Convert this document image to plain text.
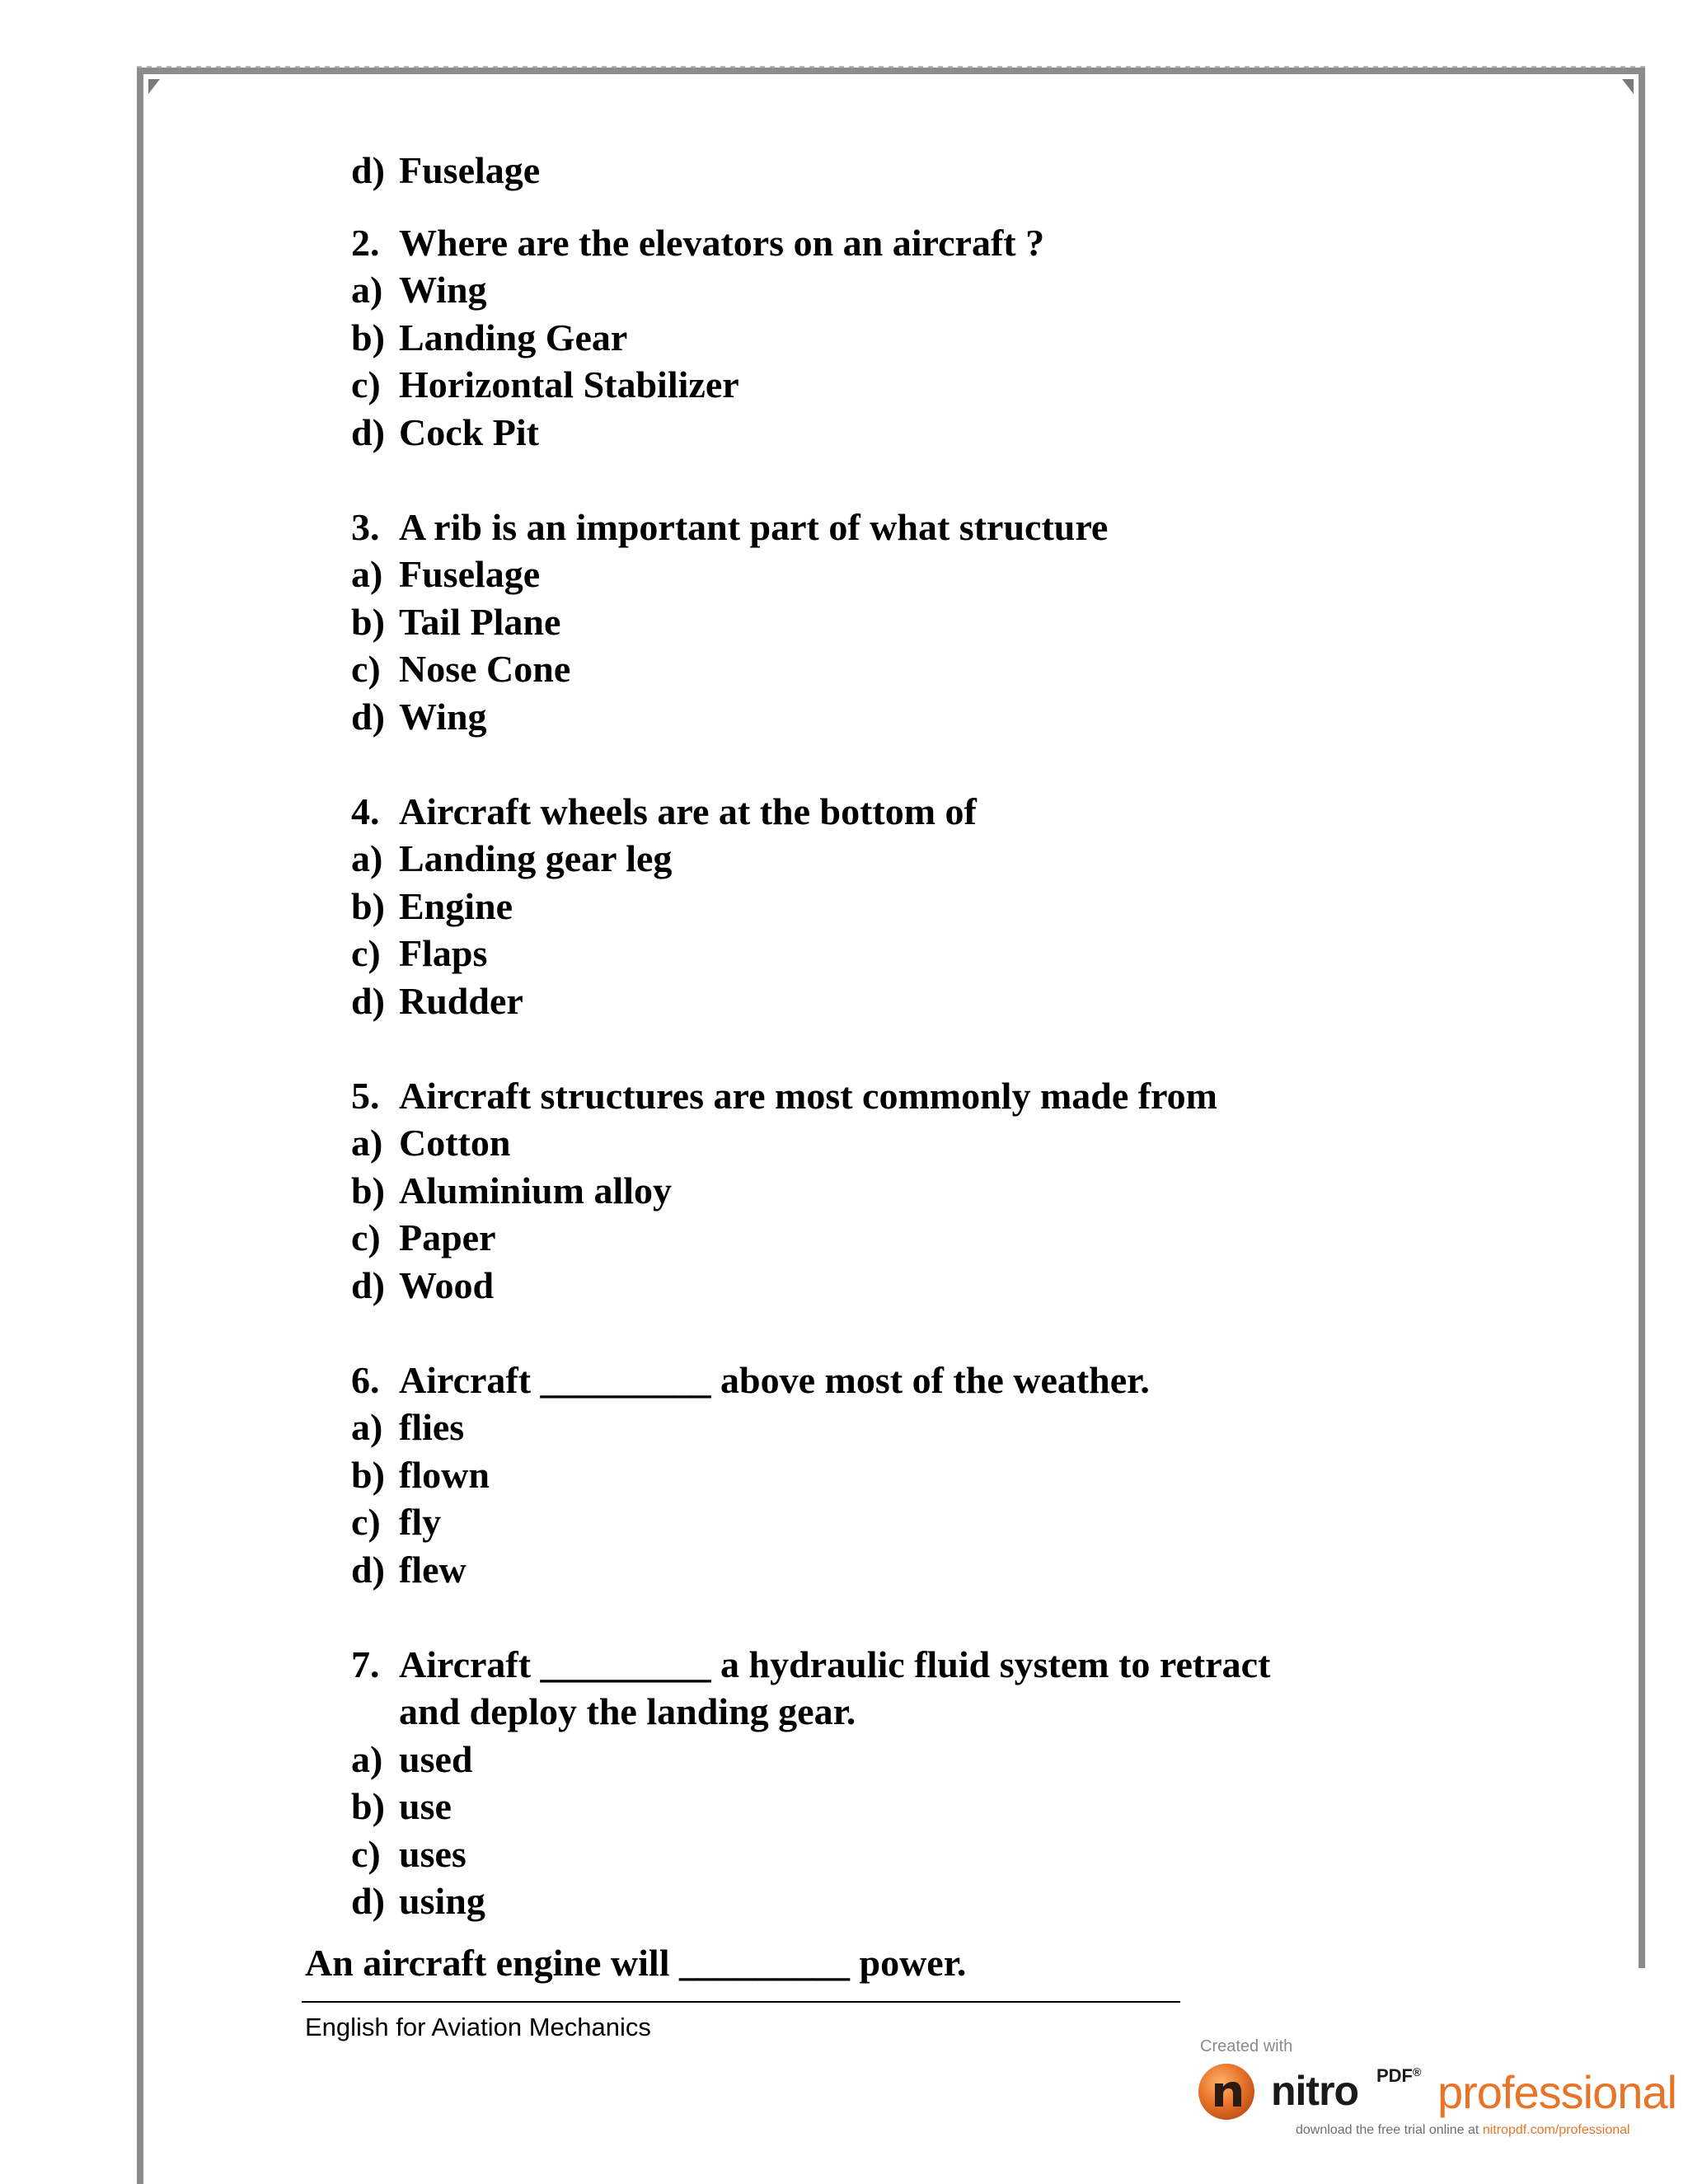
d) Fuselage
2. Where are the elevators on an aircraft ?
a) Wing
b) Landing Gear
c) Horizontal Stabilizer
d) Cock Pit
3. A rib is an important part of what structure
a) Fuselage
b) Tail Plane
c) Nose Cone
d) Wing
4. Aircraft wheels are at the bottom of
a) Landing gear leg
b) Engine
c) Flaps
d) Rudder
5. Aircraft structures are most commonly made from
a) Cotton
b) Aluminium alloy
c) Paper
d) Wood
6. Aircraft _________ above most of the weather.
a) flies
b) flown
c) fly
d) flew
7. Aircraft _________ a hydraulic fluid system to retract
and deploy the landing gear.
a) used
b) use
c) uses
d) using
An aircraft engine will _________ power.
English for Aviation Mechanics
Created with
nitro PDF® professional
download the free trial online at nitropdf.com/professional
